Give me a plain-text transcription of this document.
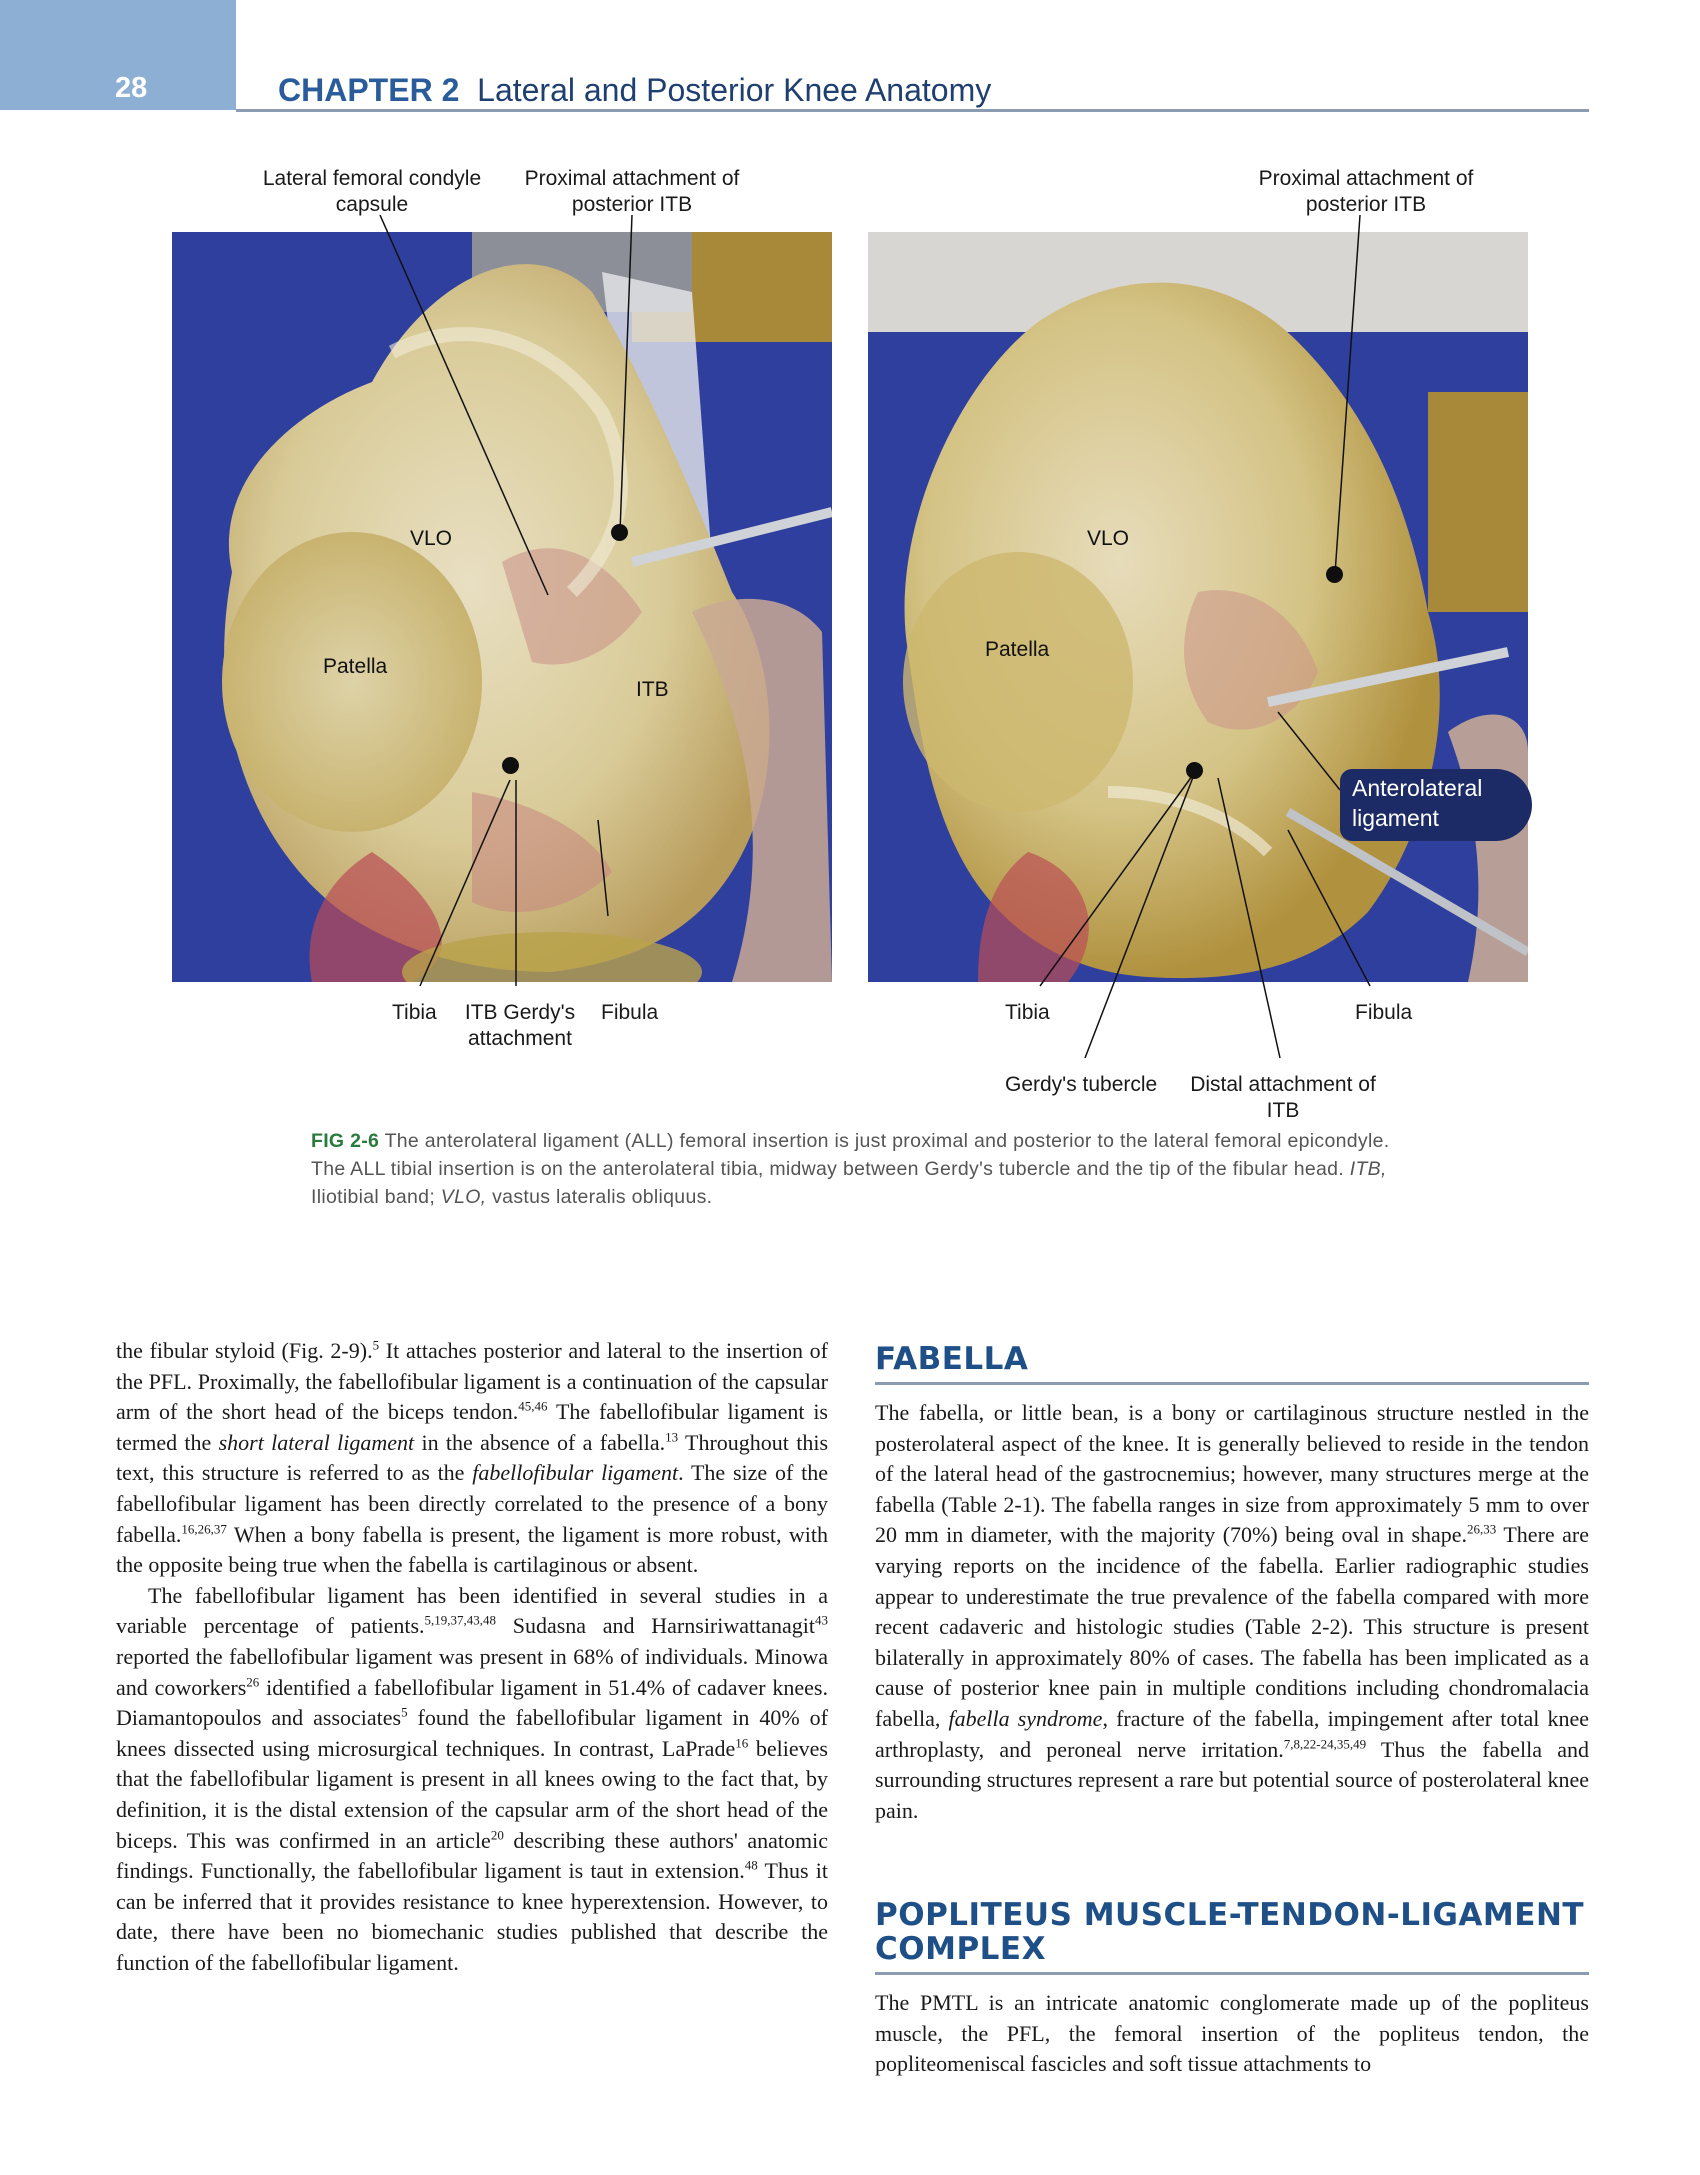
28	CHAPTER 2 Lateral and Posterior Knee Anatomy
Lateral femoral condyle capsule
Proximal attachment of posterior ITB
VLO
Patella
ITB
Tibia	ITB Gerdy's attachment
Fibula
Proximal attachment of posterior ITB
VLO
Patella
Anterolateral ligament
Tibia	Fibula
Gerdy's tubercle Distal attachment of ITB
FIG 2-6 The anterolateral ligament (ALL) femoral insertion is just proximal and posterior to the lateral femoral epicondyle. The ALL tibial insertion is on the anterolateral tibia, midway between Gerdy's tubercle and the tip of the fibular head. ITB, Iliotibial band; VLO, vastus lateralis obliquus.

the fibular styloid (Fig. 2-9).$^5$ It attaches posterior and lateral to the insertion of the PFL. Proximally, the fabellofibular ligament is a continuation of the capsular arm of the short head of the biceps tendon.$^{45,46}$ The fabellofibular ligament is termed the short lateral ligament in the absence of a fabella.$^{13}$ Throughout this text, this structure is referred to as the fabellofibular ligament. The size of the fabellofibular ligament has been directly correlated to the presence of a bony fabella.$^{16,26,37}$ When a bony fabella is present, the ligament is more robust, with the opposite being true when the fabella is cartilaginous or absent.

The fabellofibular ligament has been identified in several studies in a variable percentage of patients.$^{5,19,37,43,48}$ Sudasna and Harnsiriwattanagit$^{43}$ reported the fabellofibular ligament was present in 68% of individuals. Minowa and coworkers$^{26}$ identified a fabellofibular ligament in 51.4% of cadaver knees. Diamantopoulos and associates$^5$ found the fabellofibular ligament in 40% of knees dissected using microsurgical techniques. In contrast, LaPrade$^{16}$ believes that the fabellofibular ligament is present in all knees owing to the fact that, by definition, it is the distal extension of the capsular arm of the short head of the biceps. This was confirmed in an article$^{20}$ describing these authors' anatomic findings. Functionally, the fabellofibular ligament is taut in extension.$^{48}$ Thus it can be inferred that it provides resistance to knee hyperextension. However, to date, there have been no biomechanic studies published that describe the function of the fabellofibular ligament.

FABELLA

The fabella, or little bean, is a bony or cartilaginous structure nestled in the posterolateral aspect of the knee. It is generally believed to reside in the tendon of the lateral head of the gastrocnemius; however, many structures merge at the fabella (Table 2-1). The fabella ranges in size from approximately 5 mm to over 20 mm in diameter, with the majority (70%) being oval in shape.$^{26,33}$ There are varying reports on the incidence of the fabella. Earlier radiographic studies appear to underestimate the true prevalence of the fabella compared with more recent cadaveric and histologic studies (Table 2-2). This structure is present bilaterally in approximately 80% of cases. The fabella has been implicated as a cause of posterior knee pain in multiple conditions including chondromalacia fabella, fabella syndrome, fracture of the fabella, impingement after total knee arthroplasty, and peroneal nerve irritation.$^{7,8,22-24,35,49}$ Thus the fabella and surrounding structures represent a rare but potential source of posterolateral knee pain.

POPLITEUS MUSCLE-TENDON-LIGAMENT
COMPLEX

The PMTL is an intricate anatomic conglomerate made up of the popliteus muscle, the PFL, the femoral insertion of the popliteus tendon, the popliteomeniscal fascicles and soft tissue attachments to
